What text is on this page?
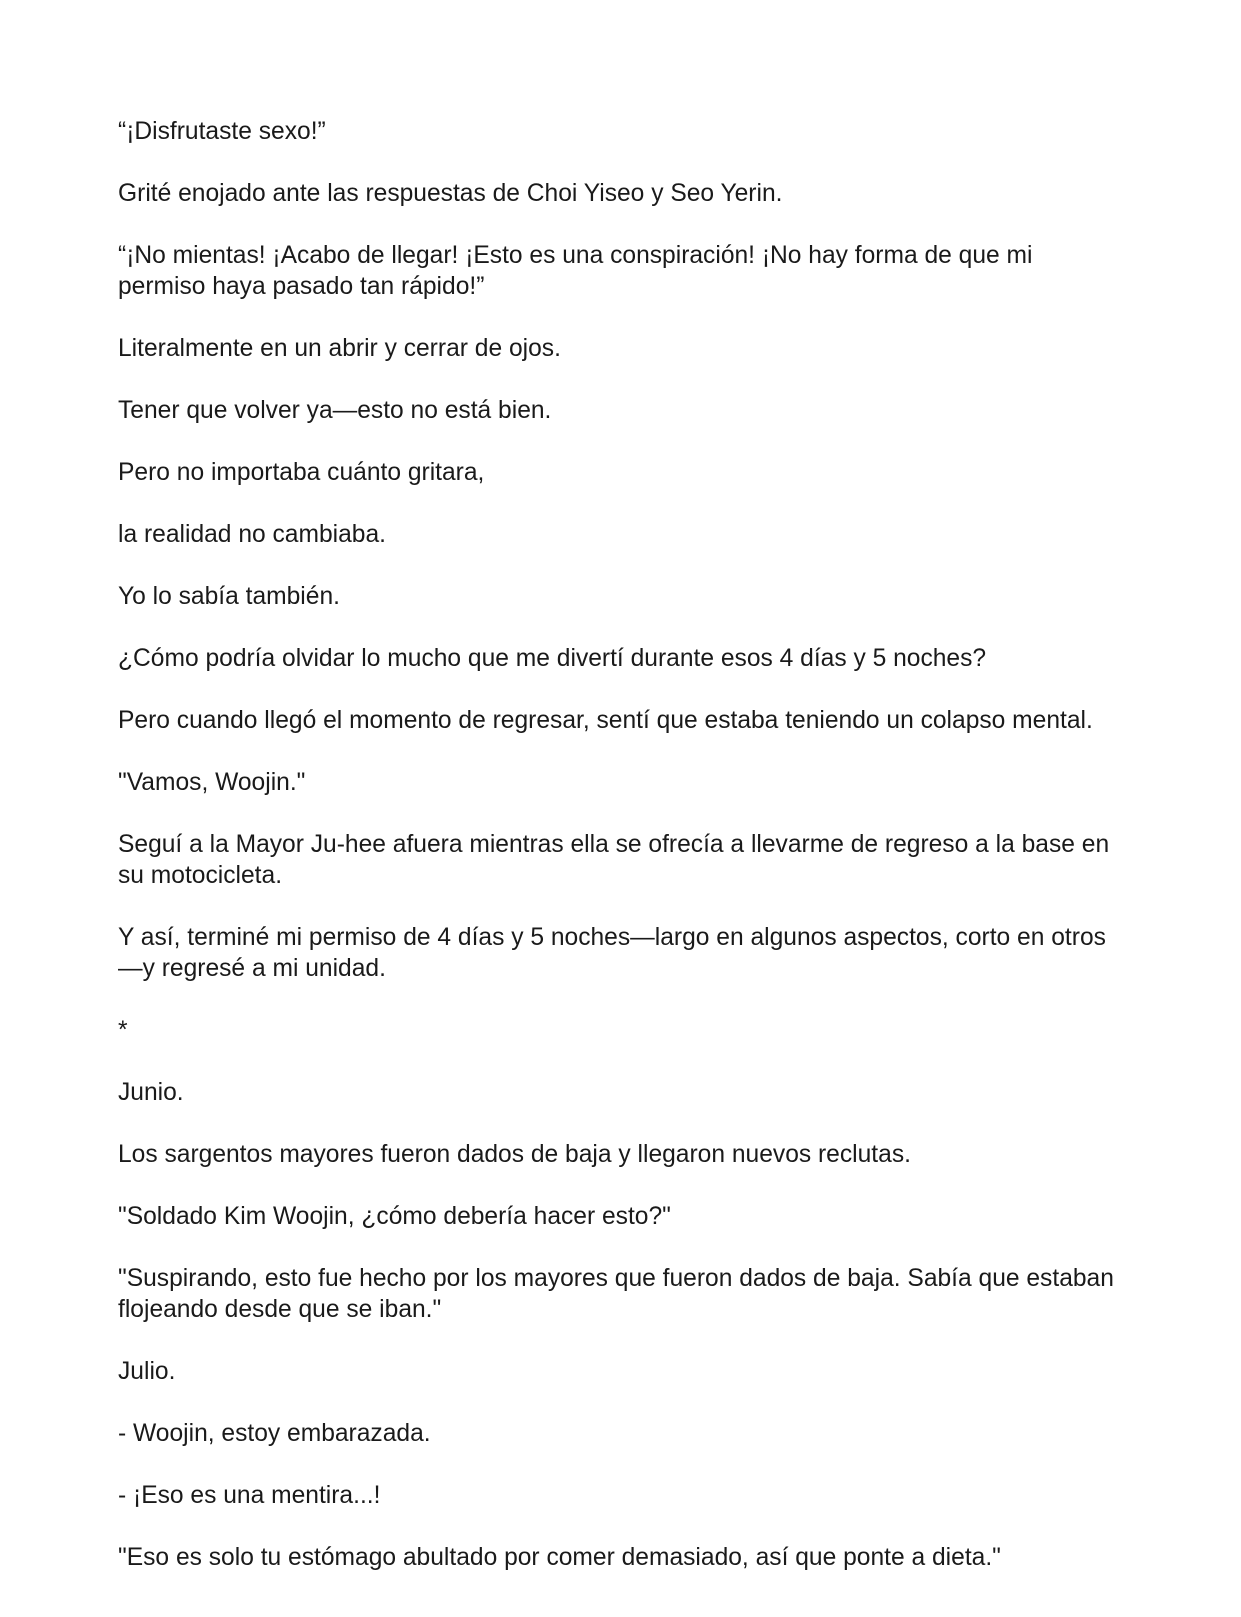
“¡Disfrutaste sexo!”

Grité enojado ante las respuestas de Choi Yiseo y Seo Yerin.

“¡No mientas! ¡Acabo de llegar! ¡Esto es una conspiración! ¡No hay forma de que mi permiso haya pasado tan rápido!”

Literalmente en un abrir y cerrar de ojos.

Tener que volver ya—esto no está bien.

Pero no importaba cuánto gritara,

la realidad no cambiaba.

Yo lo sabía también.

¿Cómo podría olvidar lo mucho que me divertí durante esos 4 días y 5 noches?

Pero cuando llegó el momento de regresar, sentí que estaba teniendo un colapso mental.

"Vamos, Woojin."

Seguí a la Mayor Ju-hee afuera mientras ella se ofrecía a llevarme de regreso a la base en su motocicleta.

Y así, terminé mi permiso de 4 días y 5 noches—largo en algunos aspectos, corto en otros—y regresé a mi unidad.

*

Junio.

Los sargentos mayores fueron dados de baja y llegaron nuevos reclutas.

"Soldado Kim Woojin, ¿cómo debería hacer esto?"

"Suspirando, esto fue hecho por los mayores que fueron dados de baja. Sabía que estaban flojeando desde que se iban."

Julio.

- Woojin, estoy embarazada.

- ¡Eso es una mentira...!

"Eso es solo tu estómago abultado por comer demasiado, así que ponte a dieta."
